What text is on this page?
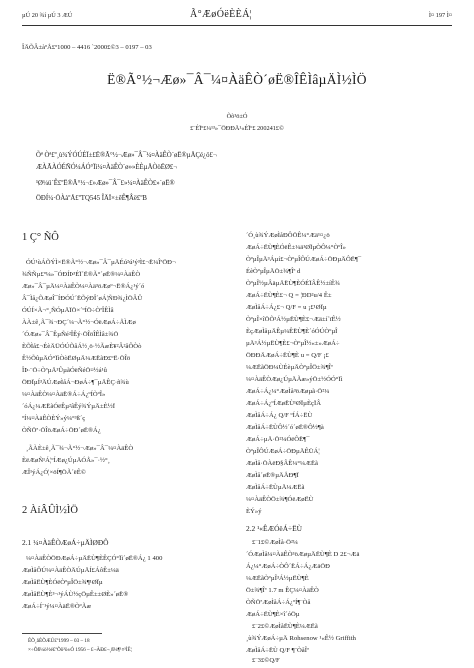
µÚ 20 ¾í µÚ 3 ÆÚ	Ã°ÆøÓëÈÈÁ¦	Ì¤ 197 Ì¤
ÎÄÕÂ±àºÅ£º1000 – 4416 `2000£©3 – 0197 – 03
Ë®Ã°½¬Æø»¯Â¯¼¤ÀäÊÒ´øË®ÎÊÌâµÄÌ½ÌÖ
Õõ³ö±Ó
£¨ÉÏº£¼¹³»¯ÖÐÐÄ¹«ÉÏº£ 200241£©
Õª Òª£º¸ù¾ÝÓÚÉÏ±£Ë®Ã°½¬Æø»¯Â¯¼¤ÀäÊÒ´øË®µÄÇé¿ö£¬
ÆÀÃÀÓÉÑÓ¼ÁÓ°Ïì¼¤ÀäÊÒ´ø»»ÈÈµÄÒòËØ£¬
¹Ø¼ü´Ê£ºË®Ã°½¬£»Æø»¯Â¯£»¼¤ÀäÊÒ£»´øË®
ÖÐÍ¼·ÖÀàºÅ£ºTQ545 ÎÄÏ×±êÊ¶Âë£ºB
1 Ç° ÑÔ
ÓÚ¹ùÁÕÝÌ×Ë®Ã°½¬Æø»¯Â¯µÄÉú²ú¹ý³Ì£¬Ë¼ÎªÖÐ¬
¾ÑÑµ£º¼»¯ÓÐÍÞ³ÉÏ´Ë®Ã°´øË®¼¤ÀäÊÒ
Æø»¯Â¯µÄ¼¤ÀäÊÒ¼¤Àä³öÆøº¬Ë®Á¿¹ý´ó
Â¯Ìå¿ÕÆøÎ¯ÍÐÓÚ´ËÕýÐÎ´øÁ¦ÑÐ¾¿ÌÖÂÛ
ÓÚÍ×Ã¬°¸ÑÓµÄÏÖ×´ºÍÖ÷ÒªÎÊÌâ
ÀÀ±ê¸Ã¯¾¬ÐÇ´¼¬Ã°½¬ÓëÆøÁ÷ÅÌÆø
´ÓÆø»¯Â¯ÊµÑé²ÎÊý·ÖÎöÎÊÌâ±¾Ö
ÈÕÌå£¬ÉèÄÜÓÚÕâÁ½¸ö·½ÃæÈ¥²Â²âÔÒò
Ê½ÕûµÄÓ°ÏìÒòËØµÄ¼ÆËãÐ£ºË·ÖÎö
ÎÞ·¨Ö÷ÒªµÄ¹ÛµãÓëÑéÖ¤½á¹û
ÖÐÏµÍ³ÄÚÆøÌåÁ¬ÐøÁ÷¶¯µÄÊÇ·ñ¾ù
¼¤ÀäÊÒ¼¤ÀäË®Á÷Á¿ºÍÒºÎ»
´óÁ¿¼ÆËãÓëÊµ²âÊý¾ÝµÄ±È½Ï
ºÍ¼¤ÀäÊÒÈÝ»ý¼°³ß´ç
ÒÑÖª·ÖÎöÆøÁ÷ÖÐ´øË®Á¿
¸ÃÀÈ±ê¸Ã¯¾¬Ã°½¬Æø»¯Â¯¼¤ÀäÊÒ
ÈëÆøÑ¹Á¦ºÍÆø¿ÚµÄÓÅ»¯·½°¸
ÆÎ¹ýÁ¿Ó¦×öÍ¶ÖÃ´ëÊ©
2 ÀíÂÛÌ½ÌÖ
2.1 ¼¤ÀäÊÒÆøÁ÷µÄÌØÐÔ
¼¤ÀäÊÒÖÐÆøÁ÷µÄËÙ¶ÈÊÇÓ°Ïì´øË®Á¿ 1 400
ÆøÌåÔÚ¼¤ÀäÊÒÄÚµÄÍ£ÁôÊ±¼ä
ÆøÌåËÙ¶ÈÓëÒºµÎÖ±¾¶¹ØÏµ
ÆøÌåËÙ¶È³¬¹ýÁÙ½çÖµÊ±±ØÈ»´øË®
ÆøÁ÷Í¨¹ý¼¤ÀäË®ÒºÃæ
ÊÕ¸åÈÕÆÚ£º1999 – 03 – 18
×÷Õß¼ò½é£ºÕõ³ö±Ó 1956 – £¬ÄÐ£¬¸ß¼¶¹¤³ÌÊ¦
´Ó¸ù¾ÝÆøÌåÐÔÖÊ¼°Æä¹¤¿ö
ÆøÁ÷ËÙ¶ÈÓëÊ±¼ä¹ØÏµÒÔ¼°ÒºÎ»
ÒºµÎµÄ³Áµí£¬ÒºµÎÔÚÆøÁ÷ÖÐµÄÔË¶¯
ÉèÒºµÎµÄÖ±¾¶Îª d
ÒºµÎ½µÂäµÄËÙ¶ÈÓÉÏÂÊ½±íÊ¾
ÆøÁ÷ËÙ¶È£¬ Q = ¦ÐD²u/4 Ê±
ÆøÌåÁ÷Á¿£¬ Q/F = u ¡£¹ØÏµ
ÒºµÎ×îÖÕ³Á½µËÙ¶È£¬Æä±í´ïÊ½
ÈçÆøÌåµÄÊµ¼ÊËÙ¶È´óÓÚÒºµÎ
µÄ³Á½µËÙ¶È£¬ÒºµÎ½«±»ÆøÁ÷
ÖÐÐÄÆøÁ÷ËÙ¶È u = Q/F ¡£
¼ÆËãÖÐ¼ÙÉèµÄÒºµÎÖ±¾¶Îª
¼¤ÀäÊÒÆø¿ÚµÄÃæ»ýÖ±½ÓÓ°Ïì
ÆøÁ÷Á¿¼°ÆøÌå³öÆøµã·Ö²¼
ÆøÁ÷Á¿ºÍÆøËÙ¹ØÏµÈçÏÂ
ÆøÌåÁ÷Á¿ Q/F ºÍÁ÷ËÙ
ÆøÌåÁ÷ËÙÔ½´ó´øË®Ô½¶à
ÆøÁ÷µÄ·Ö²¼ÓëÔË¶¯
ÒºµÎÔÚÆøÁ÷ÖÐµÄÊÜÁ¦
ÆøÌå·ÖÀëÐ§ÂÊ¼°¼ÆËã
ÆøÌå´øË®µÄÅÐ¶Ï
ÆøÌåÁ÷ËÙµÄ¼ÆËã
¼¤ÀäÊÒÖ±¾¶ÓëÆøËÙ
ÈÝ»ý
2.2 ¹«ÊÆÓëÁ÷ËÙ
£¨1£©ÆøÌå·Ö²¼
´ÓÆøÌå¼¤ÀäÊÒ³öÆøµÄËÙ¶È D 2£¬Æä
Á¿¼°ÆøÁ÷ÒÔ´ËÁ÷Á¿ÆäÖÐ
¼ÆËãÒºµÎ³Á½µËÙ¶È
Ö±¾¶Îª 1.7 m ÊÇ¼¤ÀäÊÒ
ÒÑÖªÆøÌåÁ÷Á¿ºÍ¶¨Òå
ÆøÁ÷ËÙ¶È×î´óÖµ
£¨2£©ÆøÌåËÙ¶È¼ÆËã
¸ù¾ÝÆøÁ÷µÄ Rohsenow ¹«Ê½ Griffith
ÆøÌåÁ÷ËÙ Q/F ¶¨ÒåÎª
£¨3£©Q/F
